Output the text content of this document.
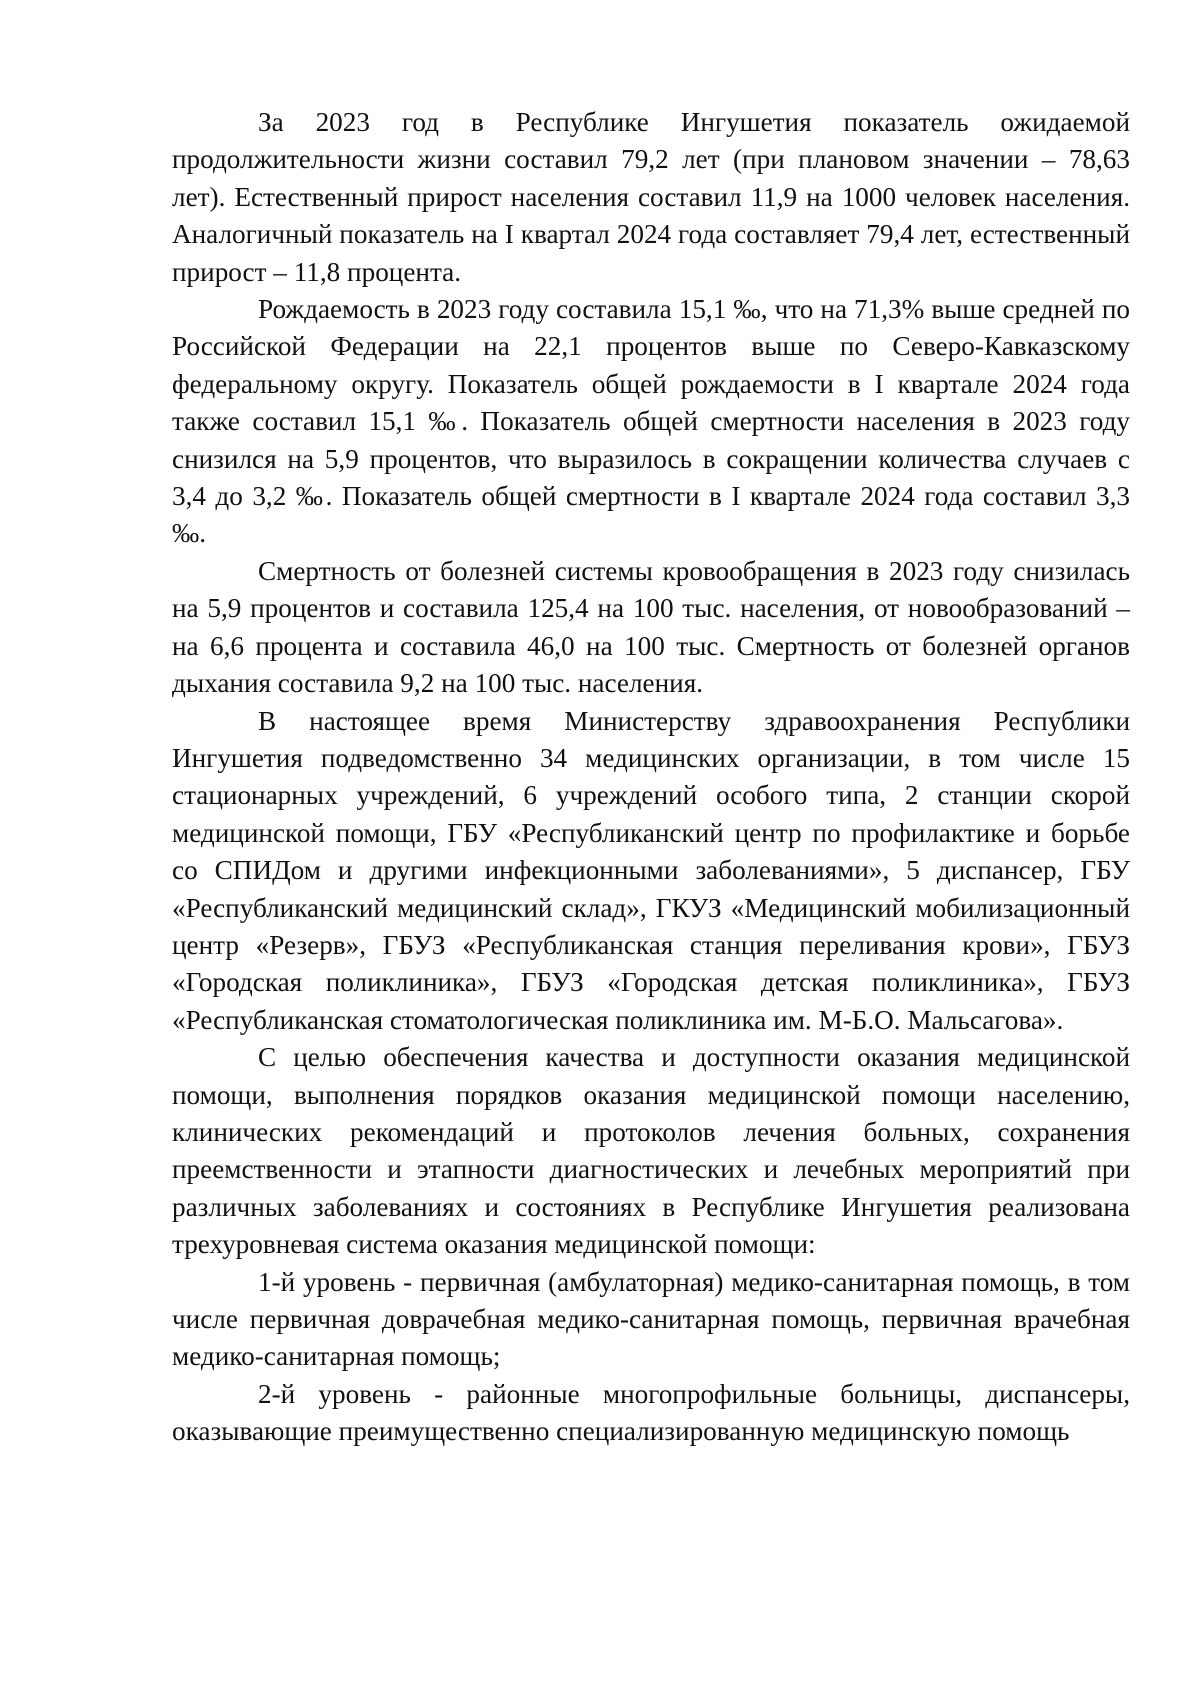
За 2023 год в Республике Ингушетия показатель ожидаемой продолжительности жизни составил 79,2 лет (при плановом значении – 78,63 лет). Естественный прирост населения составил 11,9 на 1000 человек населения. Аналогичный показатель на I квартал 2024 года составляет 79,4 лет, естественный прирост – 11,8 процента.

Рождаемость в 2023 году составила 15,1 ‰, что на 71,3% выше средней по Российской Федерации на 22,1 процентов выше по Северо-Кавказскому федеральному округу. Показатель общей рождаемости в I квартале 2024 года также составил 15,1 ‰. Показатель общей смертности населения в 2023 году снизился на 5,9 процентов, что выразилось в сокращении количества случаев с 3,4 до 3,2 ‰. Показатель общей смертности в I квартале 2024 года составил 3,3 ‰.

Смертность от болезней системы кровообращения в 2023 году снизилась на 5,9 процентов и составила 125,4 на 100 тыс. населения, от новообразований – на 6,6 процента и составила 46,0 на 100 тыс. Смертность от болезней органов дыхания составила 9,2 на 100 тыс. населения.

В настоящее время Министерству здравоохранения Республики Ингушетия подведомственно 34 медицинских организации, в том числе 15 стационарных учреждений, 6 учреждений особого типа, 2 станции скорой медицинской помощи, ГБУ «Республиканский центр по профилактике и борьбе со СПИДом и другими инфекционными заболеваниями», 5 диспансер, ГБУ «Республиканский медицинский склад», ГКУЗ «Медицинский мобилизационный центр «Резерв», ГБУЗ «Республиканская станция переливания крови», ГБУЗ «Городская поликлиника», ГБУЗ «Городская детская поликлиника», ГБУЗ «Республиканская стоматологическая поликлиника им. М-Б.О. Мальсагова».

С целью обеспечения качества и доступности оказания медицинской помощи, выполнения порядков оказания медицинской помощи населению, клинических рекомендаций и протоколов лечения больных, сохранения преемственности и этапности диагностических и лечебных мероприятий при различных заболеваниях и состояниях в Республике Ингушетия реализована трехуровневая система оказания медицинской помощи:

1-й уровень - первичная (амбулаторная) медико-санитарная помощь, в том числе первичная доврачебная медико-санитарная помощь, первичная врачебная медико-санитарная помощь;

2-й уровень - районные многопрофильные больницы, диспансеры, оказывающие преимущественно специализированную медицинскую помощь
